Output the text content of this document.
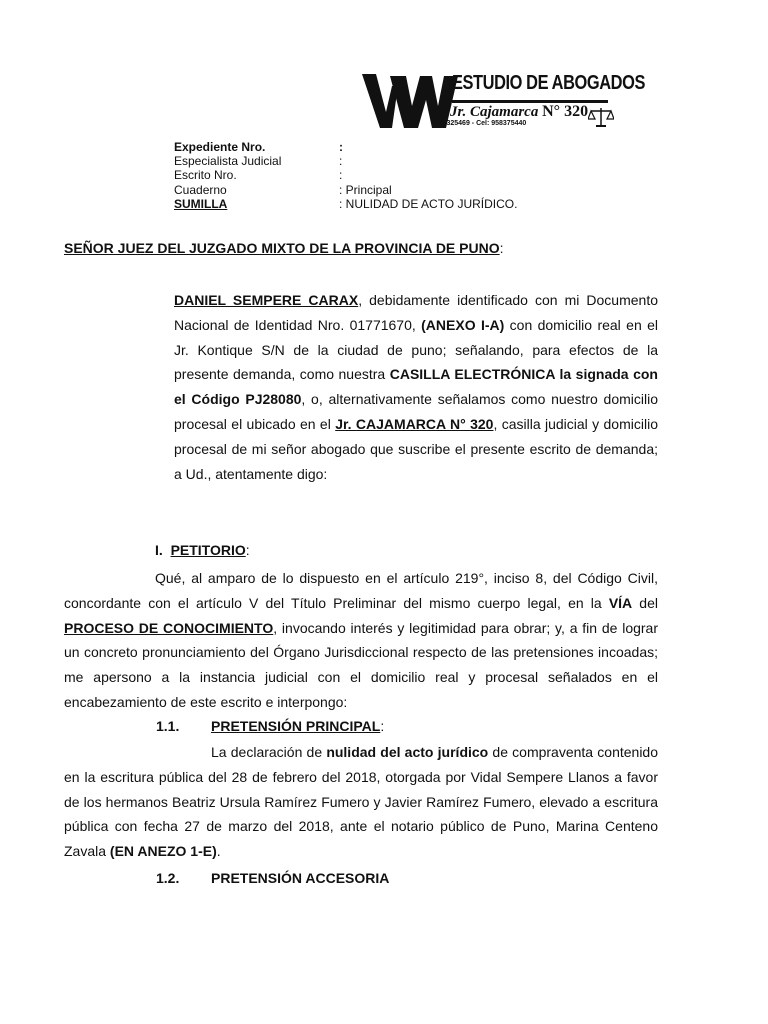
ESTUDIO DE ABOGADOS
Jr. Cajamarca N° 320
Tel. 325469 - Cel: 958375440
Expediente Nro.	:
Especialista Judicial	:
Escrito Nro.	:
Cuaderno	: Principal
SUMILLA	: NULIDAD DE ACTO JURÍDICO.
SEÑOR JUEZ DEL JUZGADO MIXTO DE LA PROVINCIA DE PUNO:
DANIEL SEMPERE CARAX, debidamente identificado con mi Documento Nacional de Identidad Nro. 01771670, (ANEXO I-A) con domicilio real en el Jr. Kontique S/N de la ciudad de puno; señalando, para efectos de la presente demanda, como nuestra CASILLA ELECTRÓNICA la signada con el Código PJ28080, o, alternativamente señalamos como nuestro domicilio procesal el ubicado en el Jr. CAJAMARCA N° 320, casilla judicial y domicilio procesal de mi señor abogado que suscribe el presente escrito de demanda; a Ud., atentamente digo:
I. PETITORIO:
Qué, al amparo de lo dispuesto en el artículo 219°, inciso 8, del Código Civil, concordante con el artículo V del Título Preliminar del mismo cuerpo legal, en la VÍA del PROCESO DE CONOCIMIENTO, invocando interés y legitimidad para obrar; y, a fin de lograr un concreto pronunciamiento del Órgano Jurisdiccional respecto de las pretensiones incoadas; me apersono a la instancia judicial con el domicilio real y procesal señalados en el encabezamiento de este escrito e interpongo:
1.1. PRETENSIÓN PRINCIPAL:
La declaración de nulidad del acto jurídico de compraventa contenido en la escritura pública del 28 de febrero del 2018, otorgada por Vidal Sempere Llanos a favor de los hermanos Beatriz Ursula Ramírez Fumero y Javier Ramírez Fumero, elevado a escritura pública con fecha 27 de marzo del 2018, ante el notario público de Puno, Marina Centeno Zavala (EN ANEZO 1-E).
1.2. PRETENSIÓN ACCESORIA
